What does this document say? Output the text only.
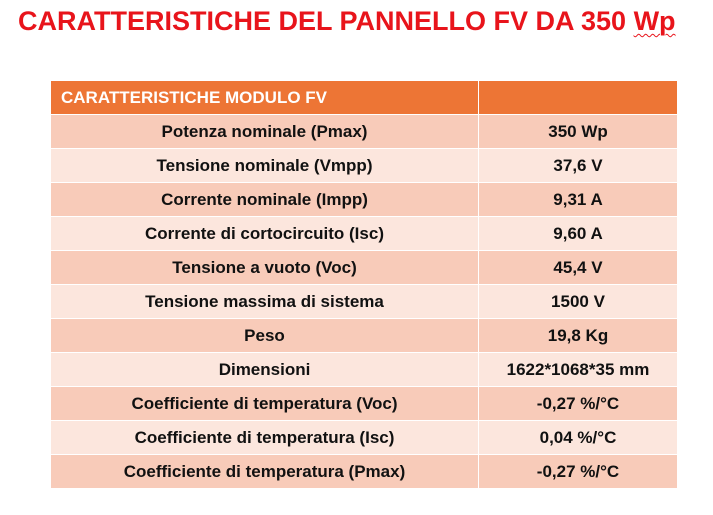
CARATTERISTICHE DEL PANNELLO FV DA 350 Wp
CARATTERISTICHE MODULO FV	
Potenza nominale (Pmax)	350 Wp
Tensione nominale (Vmpp)	37,6 V
Corrente nominale (Impp)	9,31 A
Corrente di cortocircuito (Isc)	9,60 A
Tensione a vuoto (Voc)	45,4 V
Tensione massima di sistema	1500 V
Peso	19,8 Kg
Dimensioni	1622*1068*35 mm
Coefficiente di temperatura (Voc)	-0,27 %/°C
Coefficiente di temperatura (Isc)	0,04 %/°C
Coefficiente di temperatura (Pmax)	-0,27 %/°C
